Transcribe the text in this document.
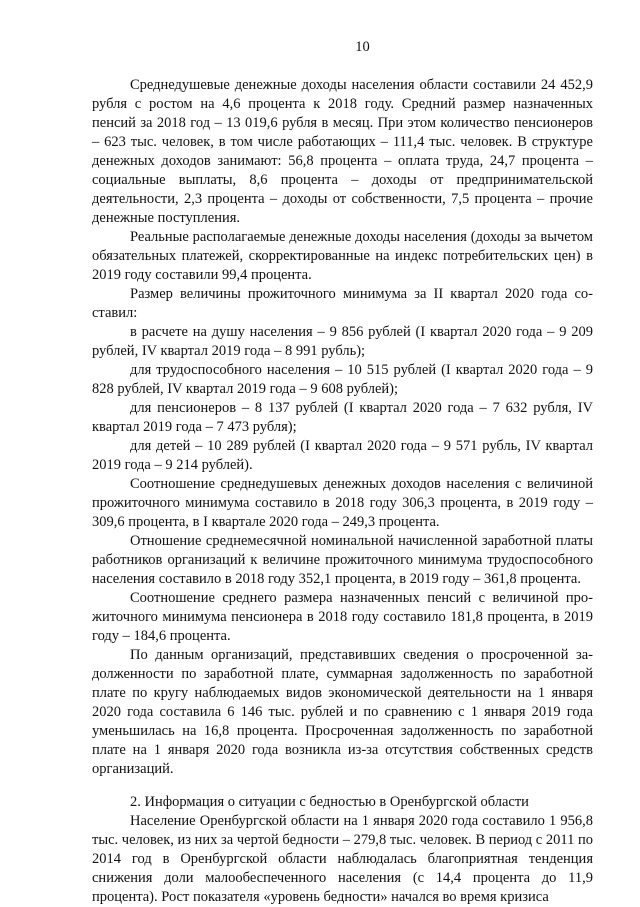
10

Среднедушевые денежные доходы населения области составили 24 452,9 рубля с ростом на 4,6 процента к 2018 году. Средний размер назначенных пенсий за 2018 год – 13 019,6 рубля в месяц. При этом количество пенсионеров – 623 тыс. человек, в том числе работающих – 111,4 тыс. человек. В структуре денежных доходов занимают: 56,8 процента – оплата труда, 24,7 процента – социальные выплаты, 8,6 процента – доходы от предпринимательской деятельности, 2,3 процента – доходы от собственности, 7,5 процента – прочие денежные поступления.

Реальные располагаемые денежные доходы населения (доходы за вычетом обязательных платежей, скорректированные на индекс потребительских цен) в 2019 году составили 99,4 процента.

Размер величины прожиточного минимума за II квартал 2020 года составил:

в расчете на душу населения – 9 856 рублей (I квартал 2020 года – 9 209 рублей, IV квартал 2019 года – 8 991 рубль);

для трудоспособного населения – 10 515 рублей (I квартал 2020 года – 9 828 рублей, IV квартал 2019 года – 9 608 рублей);

для пенсионеров – 8 137 рублей (I квартал 2020 года – 7 632 рубля, IV квартал 2019 года – 7 473 рубля);

для детей – 10 289 рублей (I квартал 2020 года – 9 571 рубль, IV квартал 2019 года – 9 214 рублей).

Соотношение среднедушевых денежных доходов населения с величиной прожиточного минимума составило в 2018 году 306,3 процента, в 2019 году – 309,6 процента, в I квартале 2020 года – 249,3 процента.

Отношение среднемесячной номинальной начисленной заработной платы работников организаций к величине прожиточного минимума трудоспособного населения составило в 2018 году 352,1 процента, в 2019 году – 361,8 процента.

Соотношение среднего размера назначенных пенсий с величиной прожиточного минимума пенсионера в 2018 году составило 181,8 процента, в 2019 году – 184,6 процента.

По данным организаций, представивших сведения о просроченной задолженности по заработной плате, суммарная задолженность по заработной плате по кругу наблюдаемых видов экономической деятельности на 1 января 2020 года составила 6 146 тыс. рублей и по сравнению с 1 января 2019 года уменьшилась на 16,8 процента. Просроченная задолженность по заработной плате на 1 января 2020 года возникла из-за отсутствия собственных средств организаций.

2. Информация о ситуации с бедностью в Оренбургской области

Население Оренбургской области на 1 января 2020 года составило 1 956,8 тыс. человек, из них за чертой бедности – 279,8 тыс. человек. В период с 2011 по 2014 год в Оренбургской области наблюдалась благоприятная тенденция снижения доли малообеспеченного населения (с 14,4 процента до 11,9 процента). Рост показателя «уровень бедности» начался во время кризиса
